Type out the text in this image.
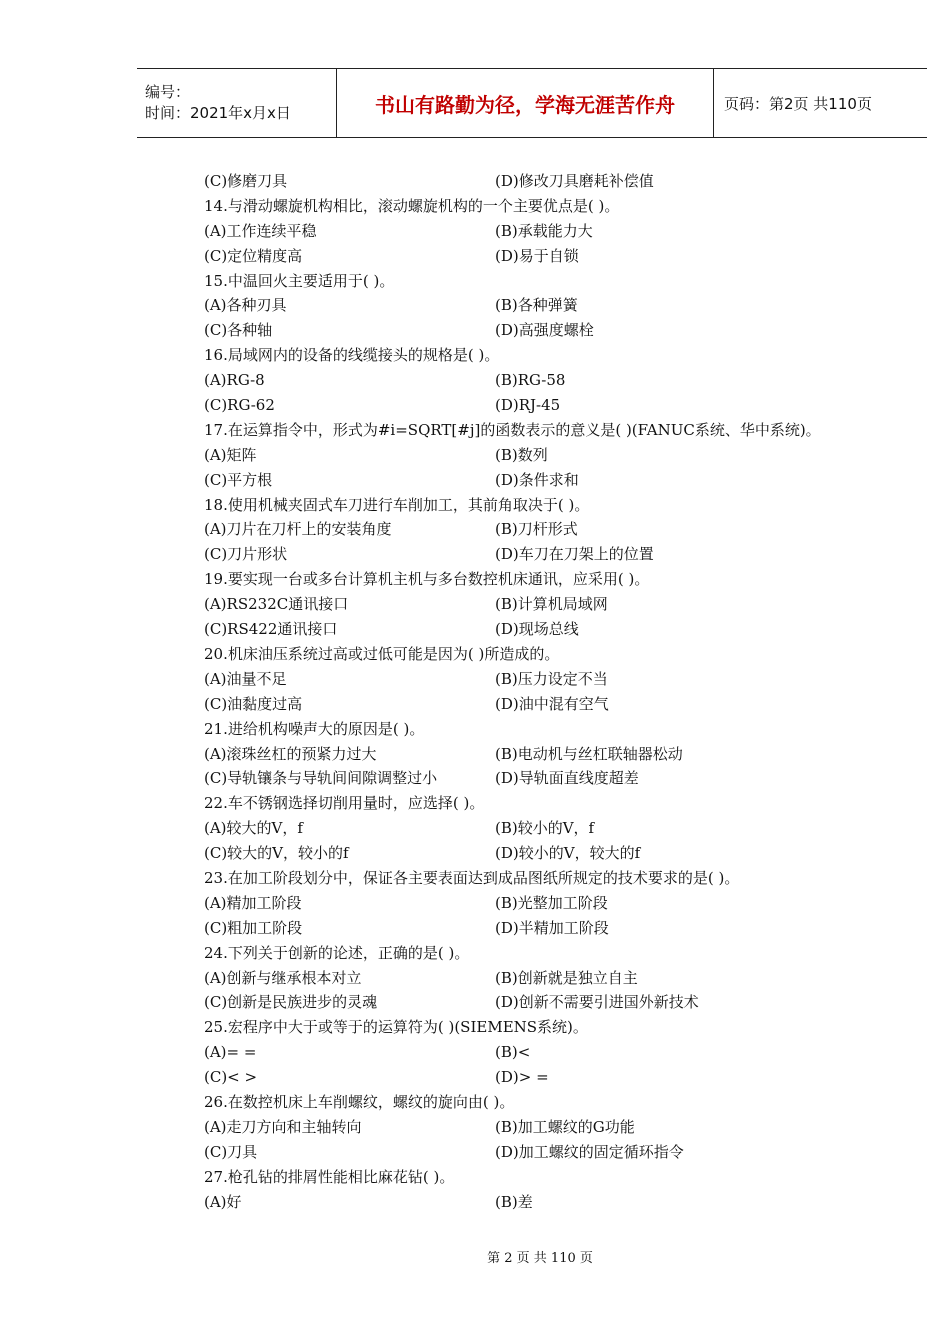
编号：
时间：2021年x月x日	书山有路勤为径，学海无涯苦作舟	页码：第2页 共110页
(C)修磨刀具	(D)修改刀具磨耗补偿值
14.与滑动螺旋机构相比，滚动螺旋机构的一个主要优点是( )。
(A)工作连续平稳	(B)承载能力大
(C)定位精度高	(D)易于自锁
15.中温回火主要适用于( )。
(A)各种刃具	(B)各种弹簧
(C)各种轴	(D)高强度螺栓
16.局域网内的设备的线缆接头的规格是( )。
(A)RG-8	(B)RG-58
(C)RG-62	(D)RJ-45
17.在运算指令中，形式为#i=SQRT[#j]的函数表示的意义是( )(FANUC系统、华中系统)。
(A)矩阵	(B)数列
(C)平方根	(D)条件求和
18.使用机械夹固式车刀进行车削加工，其前角取决于( )。
(A)刀片在刀杆上的安装角度	(B)刀杆形式
(C)刀片形状	(D)车刀在刀架上的位置
19.要实现一台或多台计算机主机与多台数控机床通讯，应采用( )。
(A)RS232C通讯接口	(B)计算机局域网
(C)RS422通讯接口	(D)现场总线
20.机床油压系统过高或过低可能是因为( )所造成的。
(A)油量不足	(B)压力设定不当
(C)油黏度过高	(D)油中混有空气
21.进给机构噪声大的原因是( )。
(A)滚珠丝杠的预紧力过大	(B)电动机与丝杠联轴器松动
(C)导轨镶条与导轨间间隙调整过小	(D)导轨面直线度超差
22.车不锈钢选择切削用量时，应选择( )。
(A)较大的V，f	(B)较小的V，f
(C)较大的V，较小的f	(D)较小的V，较大的f
23.在加工阶段划分中，保证各主要表面达到成品图纸所规定的技术要求的是( )。
(A)精加工阶段	(B)光整加工阶段
(C)粗加工阶段	(D)半精加工阶段
24.下列关于创新的论述，正确的是( )。
(A)创新与继承根本对立	(B)创新就是独立自主
(C)创新是民族进步的灵魂	(D)创新不需要引进国外新技术
25.宏程序中大于或等于的运算符为( )(SIEMENS系统)。
(A)= =	(B)<
(C)< >	(D)> =
26.在数控机床上车削螺纹，螺纹的旋向由( )。
(A)走刀方向和主轴转向	(B)加工螺纹的G功能
(C)刀具	(D)加工螺纹的固定循环指令
27.枪孔钻的排屑性能相比麻花钻( )。
(A)好	(B)差
第 2 页 共 110 页
